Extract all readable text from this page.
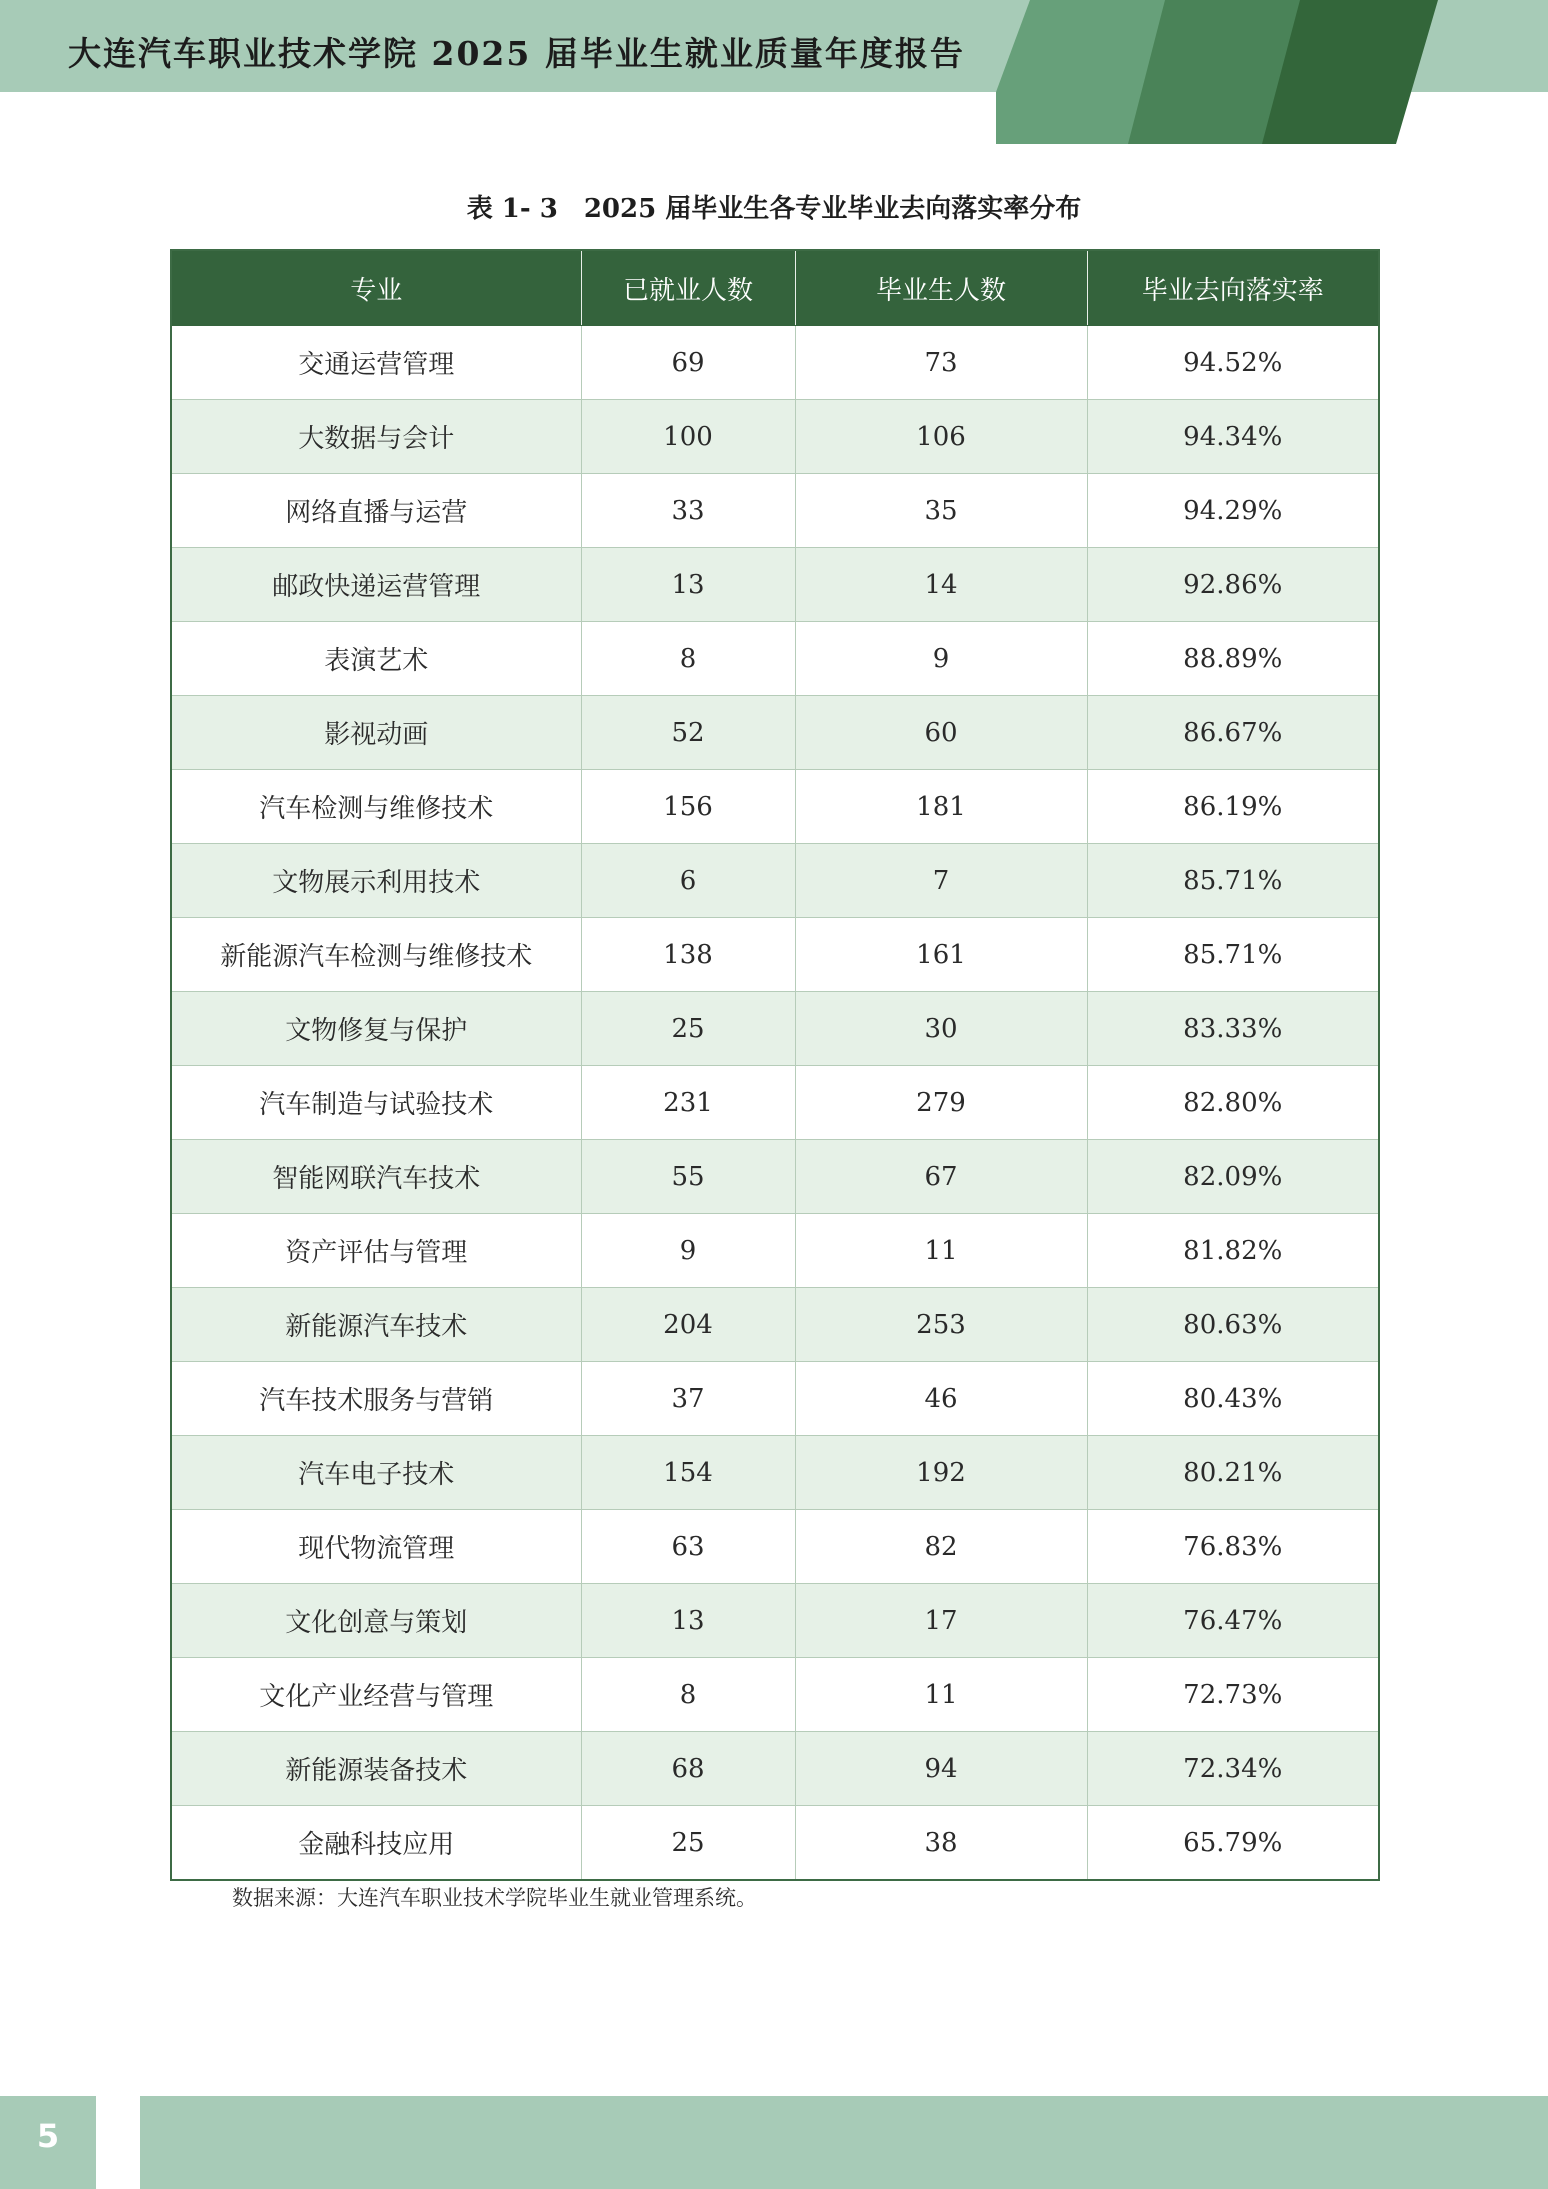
大连汽车职业技术学院 2025 届毕业生就业质量年度报告
表 1- 3　2025 届毕业生各专业毕业去向落实率分布
专业	已就业人数	毕业生人数	毕业去向落实率
交通运营管理	69	73	94.52%
大数据与会计	100	106	94.34%
网络直播与运营	33	35	94.29%
邮政快递运营管理	13	14	92.86%
表演艺术	8	9	88.89%
影视动画	52	60	86.67%
汽车检测与维修技术	156	181	86.19%
文物展示利用技术	6	7	85.71%
新能源汽车检测与维修技术	138	161	85.71%
文物修复与保护	25	30	83.33%
汽车制造与试验技术	231	279	82.80%
智能网联汽车技术	55	67	82.09%
资产评估与管理	9	11	81.82%
新能源汽车技术	204	253	80.63%
汽车技术服务与营销	37	46	80.43%
汽车电子技术	154	192	80.21%
现代物流管理	63	82	76.83%
文化创意与策划	13	17	76.47%
文化产业经营与管理	8	11	72.73%
新能源装备技术	68	94	72.34%
金融科技应用	25	38	65.79%
数据来源：大连汽车职业技术学院毕业生就业管理系统。
5
